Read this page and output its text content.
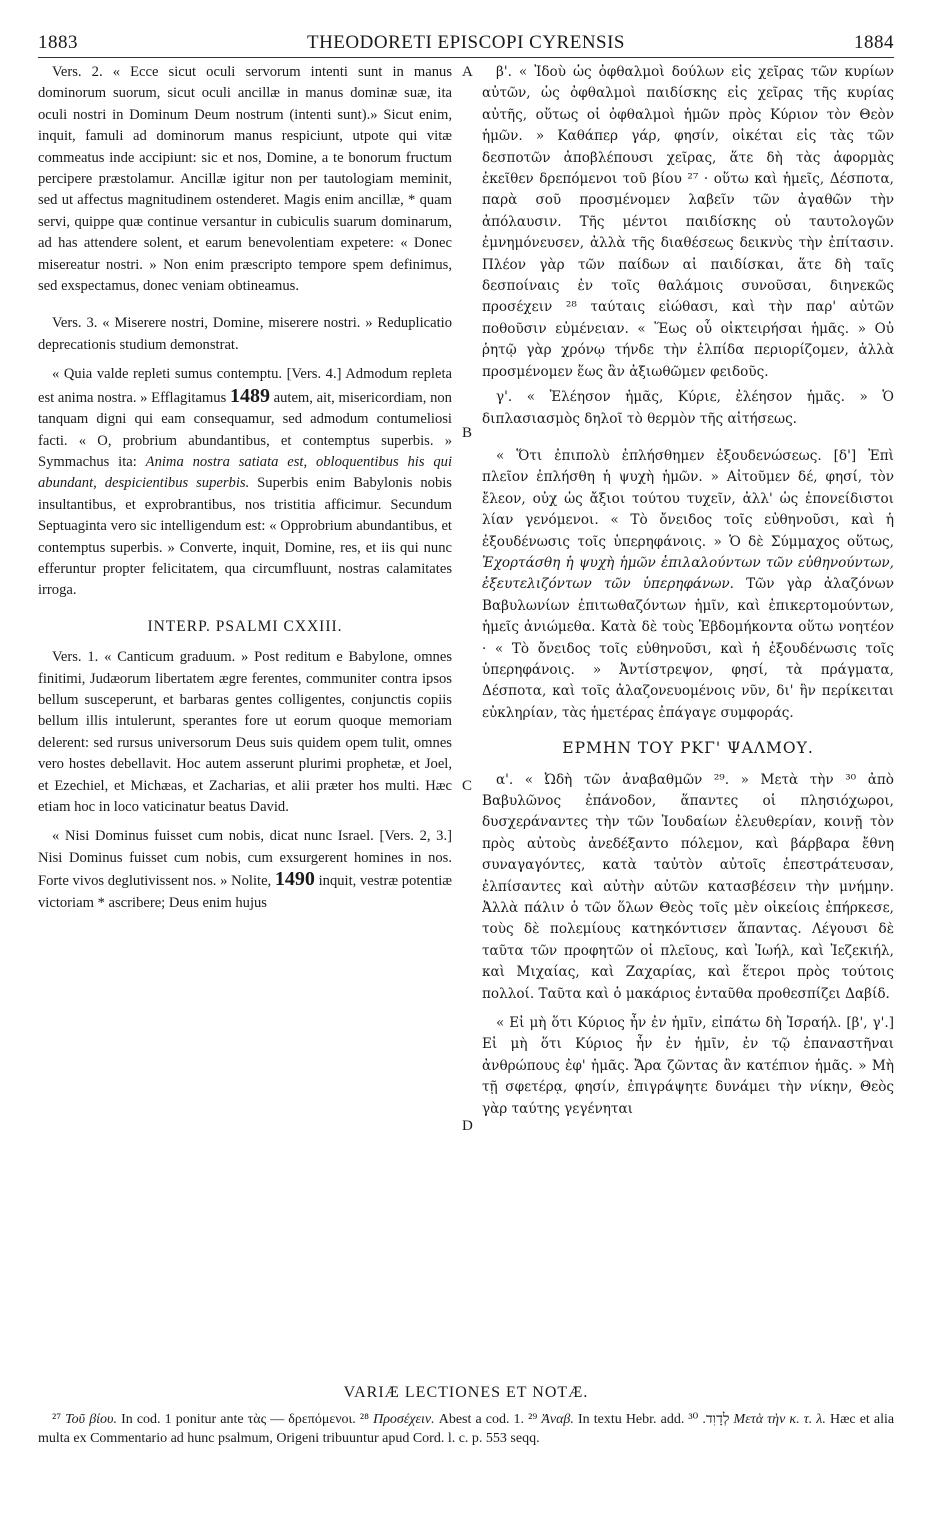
1883	THEODORETI EPISCOPI CYRENSIS	1884
A
B
C
D

Vers. 2. « Ecce sicut oculi servorum intenti sunt in manus dominorum suorum, sicut oculi ancillæ in manus dominæ suæ, ita oculi nostri in Dominum Deum nostrum (intenti sunt).» Sicut enim, inquit, famuli ad dominorum manus respiciunt, utpote qui vitæ commeatus inde accipiunt: sic et nos, Domine, a te bonorum fructum percipere præstolamur. Ancillæ igitur non per tautologiam meminit, sed ut affectus magnitudinem ostenderet. Magis enim ancillæ, * quam servi, quippe quæ continue versantur in cubiculis suarum dominarum, ad has attendere solent, et earum benevolentiam expetere: « Donec misereatur nostri. » Non enim præscripto tempore spem definimus, sed exspectamus, donec veniam obtineamus.

Vers. 3. « Miserere nostri, Domine, miserere nostri. » Reduplicatio deprecationis studium demonstrat.

« Quia valde repleti sumus contemptu. [Vers. 4.] Admodum repleta est anima nostra. » Efflagitamus 1489 autem, ait, misericordiam, non tanquam digni qui eam consequamur, sed admodum contumeliosi facti. « O, probrium abundantibus, et contemptus superbis. » Symmachus ita: Anima nostra satiata est, obloquentibus his qui abundant, despicientibus superbis. Superbis enim Babylonis nobis insultantibus, et exprobrantibus, nos tristitia afficimur. Secundum Septuaginta vero sic intelligendum est: « Opprobrium abundantibus, et contemptus superbis. » Converte, inquit, Domine, res, et iis qui nunc efferuntur propter felicitatem, qua circumfluunt, nostras calamitates irroga.

INTERP. PSALMI CXXIII.

Vers. 1. « Canticum graduum. » Post reditum e Babylone, omnes finitimi, Judæorum libertatem ægre ferentes, communiter contra ipsos bellum susceperunt, et barbaras gentes colligentes, conjunctis copiis bellum illis intulerunt, sperantes fore ut eorum quoque memoriam delerent: sed rursus universorum Deus suis quidem opem tulit, omnes vero hostes debellavit. Hoc autem asserunt plurimi prophetæ, et Joel, et Ezechiel, et Michæas, et Zacharias, et alii præter hos multi. Hæc etiam hoc in loco vaticinatur beatus David.

« Nisi Dominus fuisset cum nobis, dicat nunc Israel. [Vers. 2, 3.] Nisi Dominus fuisset cum nobis, cum exsurgerent homines in nos. Forte vivos deglutivissent nos. » Nolite, 1490 inquit, vestræ potentiæ victoriam * ascribere; Deus enim hujus

β'. « Ἰδοὺ ὡς ὀφθαλμοὶ δούλων εἰς χεῖρας τῶν κυρίων αὐτῶν, ὡς ὀφθαλμοὶ παιδίσκης εἰς χεῖρας τῆς κυρίας αὐτῆς, οὕτως οἱ ὀφθαλμοὶ ἡμῶν πρὸς Κύριον τὸν Θεὸν ἡμῶν. » Καθάπερ γάρ, φησίν, οἰκέται εἰς τὰς τῶν δεσποτῶν ἀποβλέπουσι χεῖρας, ἅτε δὴ τὰς ἀφορμὰς ἐκεῖθεν δρεπόμενοι τοῦ βίου ²⁷ · οὕτω καὶ ἡμεῖς, Δέσποτα, παρὰ σοῦ προσμένομεν λαβεῖν τῶν ἀγαθῶν τὴν ἀπόλαυσιν. Τῆς μέντοι παιδίσκης οὐ ταυτολογῶν ἐμνημόνευσεν, ἀλλὰ τῆς διαθέσεως δεικνὺς τὴν ἐπίτασιν. Πλέον γὰρ τῶν παίδων αἱ παιδίσκαι, ἅτε δὴ ταῖς δεσποίναις ἐν τοῖς θαλάμοις συνοῦσαι, διηνεκῶς προσέχειν ²⁸ ταύταις εἰώθασι, καὶ τὴν παρ' αὐτῶν ποθοῦσιν εὐμένειαν. « Ἕως οὗ οἰκτειρήσαι ἡμᾶς. » Οὐ ῥητῷ γὰρ χρόνῳ τήνδε τὴν ἐλπίδα περιορίζομεν, ἀλλὰ προσμένομεν ἕως ἂν ἀξιωθῶμεν φειδοῦς.

γ'. « Ἐλέησον ἡμᾶς, Κύριε, ἐλέησον ἡμᾶς. » Ὁ διπλασιασμὸς δηλοῖ τὸ θερμὸν τῆς αἰτήσεως.

« Ὅτι ἐπιπολὺ ἐπλήσθημεν ἐξουδενώσεως. [δ'] Ἐπὶ πλεῖον ἐπλήσθη ἡ ψυχὴ ἡμῶν. » Αἰτοῦμεν δέ, φησί, τὸν ἔλεον, οὐχ ὡς ἄξιοι τούτου τυχεῖν, ἀλλ' ὡς ἐπονείδιστοι λίαν γενόμενοι. « Τὸ ὄνειδος τοῖς εὐθηνοῦσι, καὶ ἡ ἐξουδένωσις τοῖς ὑπερηφάνοις. » Ὁ δὲ Σύμμαχος οὕτως, Ἐχορτάσθη ἡ ψυχὴ ἡμῶν ἐπιλαλούντων τῶν εὐθηνούντων, ἐξευτελιζόντων τῶν ὑπερηφάνων. Τῶν γὰρ ἀλαζόνων Βαβυλωνίων ἐπιτωθαζόντων ἡμῖν, καὶ ἐπικερτομούντων, ἡμεῖς ἀνιώμεθα. Κατὰ δὲ τοὺς Ἑβδομήκοντα οὕτω νοητέον · « Τὸ ὄνειδος τοῖς εὐθηνοῦσι, καὶ ἡ ἐξουδένωσις τοῖς ὑπερηφάνοις. » Ἀντίστρεψον, φησί, τὰ πράγματα, Δέσποτα, καὶ τοῖς ἀλαζονευομένοις νῦν, δι' ἣν περίκειται εὐκληρίαν, τὰς ἡμετέρας ἐπάγαγε συμφοράς.

ΕΡΜΗΝ ΤΟΥ ΡΚΓ' ΨΑΛΜΟΥ.

α'. « Ὠδὴ τῶν ἀναβαθμῶν ²⁹. » Μετὰ τὴν ³⁰ ἀπὸ Βαβυλῶνος ἐπάνοδον, ἅπαντες οἱ πλησιόχωροι, δυσχεράναντες τὴν τῶν Ἰουδαίων ἐλευθερίαν, κοινῇ τὸν πρὸς αὐτοὺς ἀνεδέξαντο πόλεμον, καὶ βάρβαρα ἔθνη συναγαγόντες, κατὰ ταὐτὸν αὐτοῖς ἐπεστράτευσαν, ἐλπίσαντες καὶ αὐτὴν αὐτῶν κατασβέσειν τὴν μνήμην. Ἀλλὰ πάλιν ὁ τῶν ὅλων Θεὸς τοῖς μὲν οἰκείοις ἐπήρκεσε, τοὺς δὲ πολεμίους κατηκόντισεν ἅπαντας. Λέγουσι δὲ ταῦτα τῶν προφητῶν οἱ πλεῖους, καὶ Ἰωήλ, καὶ Ἰεζεκιήλ, καὶ Μιχαίας, καὶ Ζαχαρίας, καὶ ἕτεροι πρὸς τούτοις πολλοί. Ταῦτα καὶ ὁ μακάριος ἐνταῦθα προθεσπίζει Δαβίδ.

« Εἰ μὴ ὅτι Κύριος ἦν ἐν ἡμῖν, εἰπάτω δὴ Ἰσραήλ. [β', γ'.] Εἰ μὴ ὅτι Κύριος ἦν ἐν ἡμῖν, ἐν τῷ ἐπαναστῆναι ἀνθρώπους ἐφ' ἡμᾶς. Ἄρα ζῶντας ἂν κατέπιον ἡμᾶς. » Μὴ τῇ σφετέρᾳ, φησίν, ἐπιγράψητε δυνάμει τὴν νίκην, Θεὸς γὰρ ταύτης γεγένηται

VARIÆ LECTIONES ET NOTÆ.
²⁷ Τοῦ βίου. In cod. 1 ponitur ante τὰς — δρεπόμενοι. ²⁸ Προσέχειν. Abest a cod. 1. ²⁹ Ἀναβ. In textu Hebr. add. לְדָוִד. ³⁰	Μετὰ τὴν κ. τ. λ. Hæc et alia multa ex Commentario ad hunc psalmum, Origeni tribuuntur apud Cord. l. c. p. 553 seqq.
